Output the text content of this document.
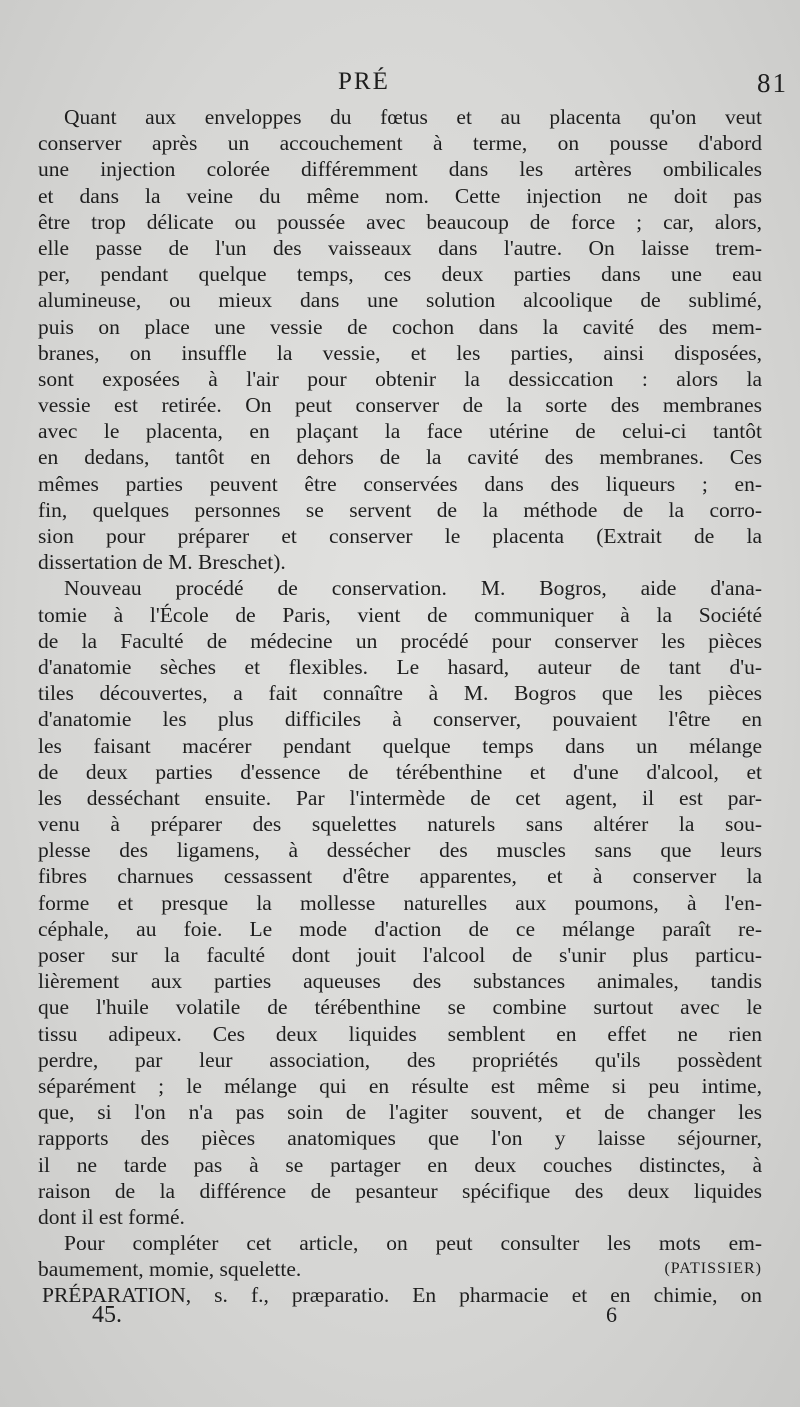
PRÉ	81
Quant aux enveloppes du fœtus et au placenta qu'on veut
conserver après un accouchement à terme, on pousse d'abord
une injection colorée différemment dans les artères ombilicales
et dans la veine du même nom. Cette injection ne doit pas
être trop délicate ou poussée avec beaucoup de force ; car, alors,
elle passe de l'un des vaisseaux dans l'autre. On laisse trem-
per, pendant quelque temps, ces deux parties dans une eau
alumineuse, ou mieux dans une solution alcoolique de sublimé,
puis on place une vessie de cochon dans la cavité des mem-
branes, on insuffle la vessie, et les parties, ainsi disposées,
sont exposées à l'air pour obtenir la dessiccation : alors la
vessie est retirée. On peut conserver de la sorte des membranes
avec le placenta, en plaçant la face utérine de celui-ci tantôt
en dedans, tantôt en dehors de la cavité des membranes. Ces
mêmes parties peuvent être conservées dans des liqueurs ; en-
fin, quelques personnes se servent de la méthode de la corro-
sion pour préparer et conserver le placenta (Extrait de la
dissertation de M. Breschet).
Nouveau procédé de conservation. M. Bogros, aide d'ana-
tomie à l'École de Paris, vient de communiquer à la Société
de la Faculté de médecine un procédé pour conserver les pièces
d'anatomie sèches et flexibles. Le hasard, auteur de tant d'u-
tiles découvertes, a fait connaître à M. Bogros que les pièces
d'anatomie les plus difficiles à conserver, pouvaient l'être en
les faisant macérer pendant quelque temps dans un mélange
de deux parties d'essence de térébenthine et d'une d'alcool, et
les desséchant ensuite. Par l'intermède de cet agent, il est par-
venu à préparer des squelettes naturels sans altérer la sou-
plesse des ligamens, à dessécher des muscles sans que leurs
fibres charnues cessassent d'être apparentes, et à conserver la
forme et presque la mollesse naturelles aux poumons, à l'en-
céphale, au foie. Le mode d'action de ce mélange paraît re-
poser sur la faculté dont jouit l'alcool de s'unir plus particu-
lièrement aux parties aqueuses des substances animales, tandis
que l'huile volatile de térébenthine se combine surtout avec le
tissu adipeux. Ces deux liquides semblent en effet ne rien
perdre, par leur association, des propriétés qu'ils possèdent
séparément ; le mélange qui en résulte est même si peu intime,
que, si l'on n'a pas soin de l'agiter souvent, et de changer les
rapports des pièces anatomiques que l'on y laisse séjourner,
il ne tarde pas à se partager en deux couches distinctes, à
raison de la différence de pesanteur spécifique des deux liquides
dont il est formé.
Pour compléter cet article, on peut consulter les mots em-
baumement, momie, squelette.	(PATISSIER)
PRÉPARATION, s. f., præparatio. En pharmacie et en chimie, on
45.	6
